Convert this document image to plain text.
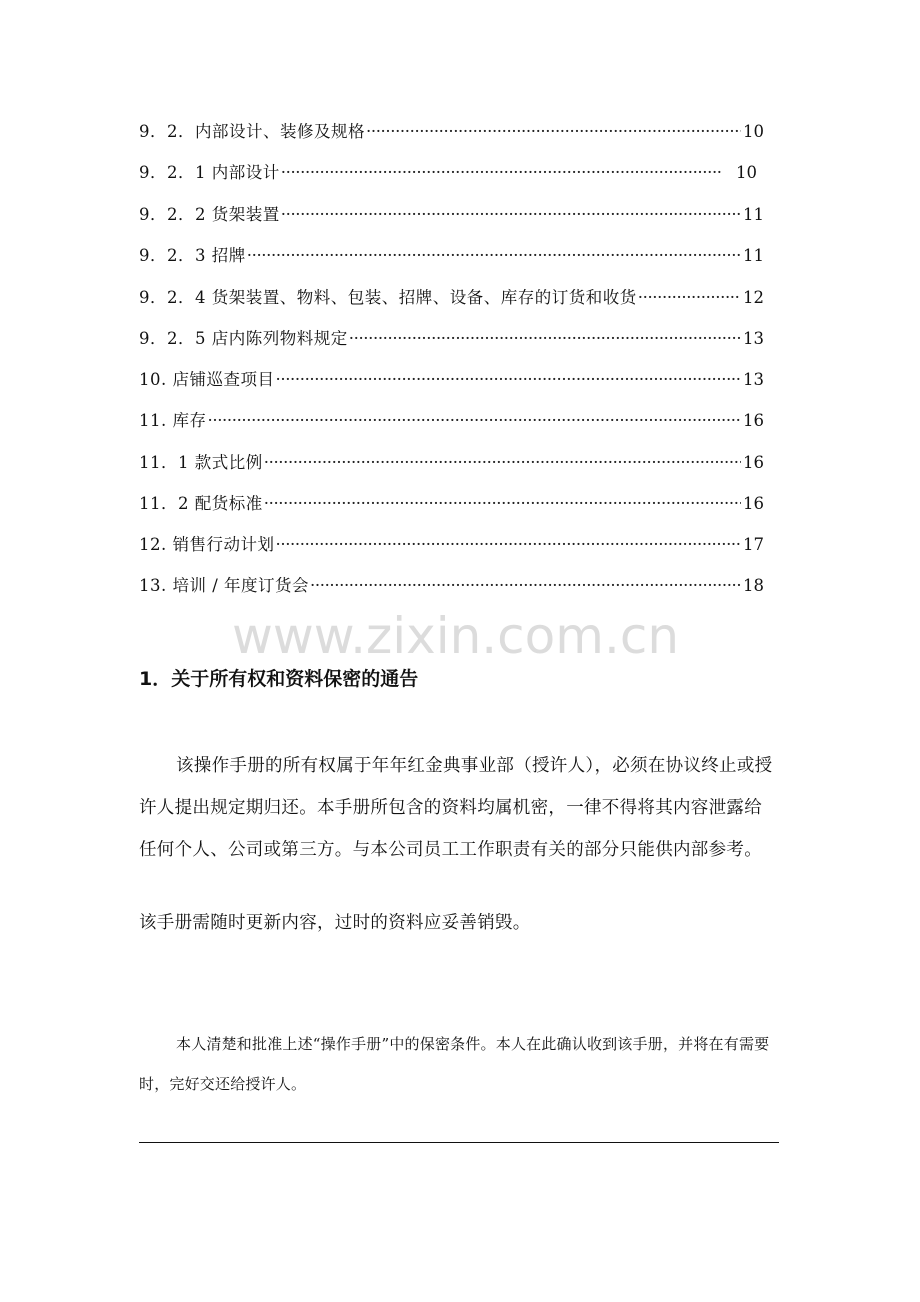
9．2．内部设计、装修及规格 ·····	10
9．2．1 内部设计 ·····	10
9．2．2 货架装置 ·····	11
9．2．3 招牌 ·····	11
9．2．4 货架装置、物料、包装、招牌、设备、库存的订货和收货 ·····	12
9．2．5 店内陈列物料规定 ·····	13
10. 店铺巡查项目 ·····	13
11. 库存 ·····	16
11．1 款式比例 ·····	16
11．2 配货标准 ·····	16
12. 销售行动计划 ·····	17
13. 培训 / 年度订货会 ·····	18
www.zixin.com.cn
1．关于所有权和资料保密的通告
该操作手册的所有权属于年年红金典事业部（授许人），必须在协议终止或授许人提出规定期归还。本手册所包含的资料均属机密，一律不得将其内容泄露给任何个人、公司或第三方。与本公司员工工作职责有关的部分只能供内部参考。
该手册需随时更新内容，过时的资料应妥善销毁。
本人清楚和批准上述“操作手册”中的保密条件。本人在此确认收到该手册，并将在有需要时，完好交还给授许人。
